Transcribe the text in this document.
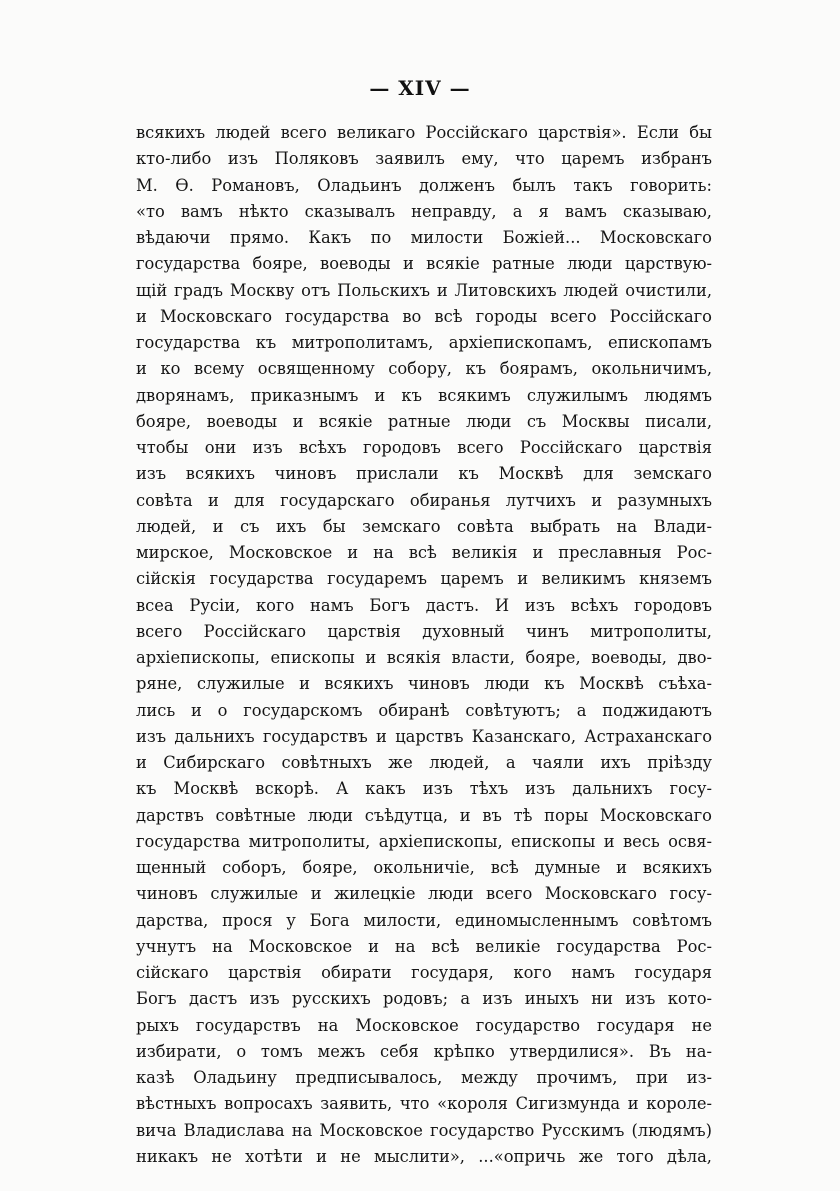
— XIV —
всякихъ людей всего великаго Россійскаго царствія». Если бы
кто-либо изъ Поляковъ заявилъ ему, что царемъ избранъ
М. Ѳ. Романовъ, Оладьинъ долженъ былъ такъ говорить:
«то вамъ нѣкто сказывалъ неправду, а я вамъ сказываю,
вѣдаючи прямо. Какъ по милости Божіей... Московскаго
государства бояре, воеводы и всякіе ратные люди царствую-
щій градъ Москву отъ Польскихъ и Литовскихъ людей очистили,
и Московскаго государства во всѣ городы всего Россійскаго
государства къ митрополитамъ, архіепископамъ, епископамъ
и ко всему освященному собору, къ боярамъ, окольничимъ,
дворянамъ, приказнымъ и къ всякимъ служилымъ людямъ
бояре, воеводы и всякіе ратные люди съ Москвы писали,
чтобы они изъ всѣхъ городовъ всего Россійскаго царствія
изъ всякихъ чиновъ прислали къ Москвѣ для земскаго
совѣта и для государскаго обиранья лутчихъ и разумныхъ
людей, и съ ихъ бы земскаго совѣта выбрать на Влади-
мирское, Московское и на всѣ великія и преславныя Рос-
сійскія государства государемъ царемъ и великимъ княземъ
всеа Русіи, кого намъ Богъ дастъ. И изъ всѣхъ городовъ
всего Россійскаго царствія духовный чинъ митрополиты,
архіепископы, епископы и всякія власти, бояре, воеводы, дво-
ряне, служилые и всякихъ чиновъ люди къ Москвѣ съѣха-
лись и о государскомъ обиранѣ совѣтуютъ; а поджидаютъ
изъ дальнихъ государствъ и царствъ Казанскаго, Астраханскаго
и Сибирскаго совѣтныхъ же людей, а чаяли ихъ пріѣзду
къ Москвѣ вскорѣ. А какъ изъ тѣхъ изъ дальнихъ госу-
дарствъ совѣтные люди съѣдутца, и въ тѣ поры Московскаго
государства митрополиты, архіепископы, епископы и весь освя-
щенный соборъ, бояре, окольничіе, всѣ думные и всякихъ
чиновъ служилые и жилецкіе люди всего Московскаго госу-
дарства, прося у Бога милости, единомысленнымъ совѣтомъ
учнутъ на Московское и на всѣ великіе государства Рос-
сійскаго царствія обирати государя, кого намъ государя
Богъ дастъ изъ русскихъ родовъ; а изъ иныхъ ни изъ кото-
рыхъ государствъ на Московское государство государя не
избирати, о томъ межъ себя крѣпко утвердилися». Въ на-
казѣ Оладьину предписывалось, между прочимъ, при из-
вѣстныхъ вопросахъ заявить, что «короля Сигизмунда и короле-
вича Владислава на Московское государство Русскимъ (людямъ)
никакъ не хотѣти и не мыслити», ...«опричь же того дѣла,
